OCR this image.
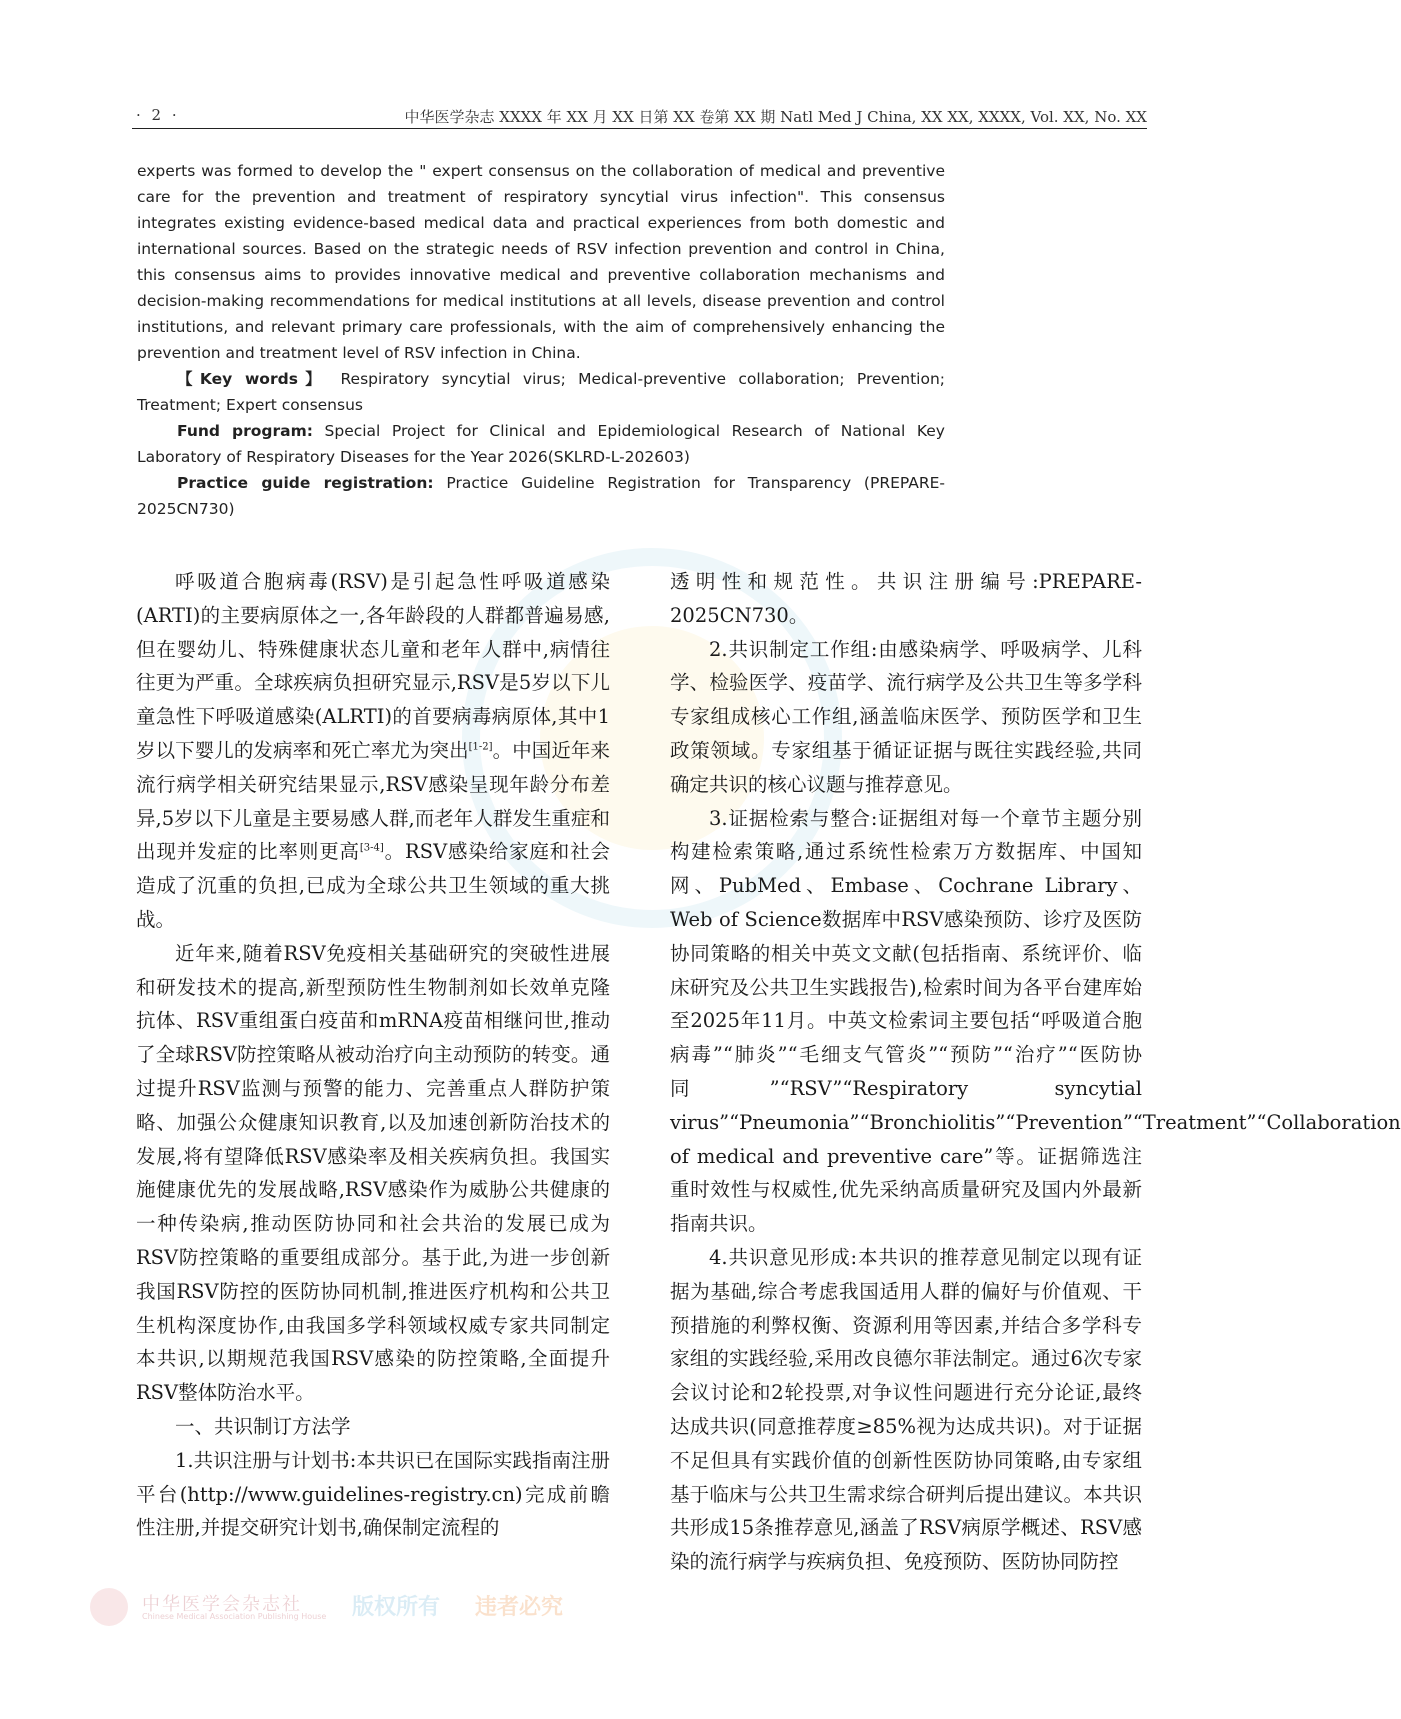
· 2 ·	中华医学杂志 XXXX 年 XX 月 XX 日第 XX 卷第 XX 期 Natl Med J China, XX XX, XXXX, Vol. XX, No. XX

experts was formed to develop the " expert consensus on the collaboration of medical and preventive care for the prevention and treatment of respiratory syncytial virus infection". This consensus integrates existing evidence-based medical data and practical experiences from both domestic and international sources. Based on the strategic needs of RSV infection prevention and control in China, this consensus aims to provides innovative medical and preventive collaboration mechanisms and decision-making recommendations for medical institutions at all levels, disease prevention and control institutions, and relevant primary care professionals, with the aim of comprehensively enhancing the prevention and treatment level of RSV infection in China.

【Key words】 Respiratory syncytial virus; Medical-preventive collaboration; Prevention; Treatment; Expert consensus

Fund program: Special Project for Clinical and Epidemiological Research of National Key Laboratory of Respiratory Diseases for the Year 2026(SKLRD-L-202603)

Practice guide registration: Practice Guideline Registration for Transparency (PREPARE-2025CN730)

呼吸道合胞病毒(RSV)是引起急性呼吸道感染(ARTI)的主要病原体之一,各年龄段的人群都普遍易感,但在婴幼儿、特殊健康状态儿童和老年人群中,病情往往更为严重。全球疾病负担研究显示,RSV是5岁以下儿童急性下呼吸道感染(ALRTI)的首要病毒病原体,其中1岁以下婴儿的发病率和死亡率尤为突出[1-2]。中国近年来流行病学相关研究结果显示,RSV感染呈现年龄分布差异,5岁以下儿童是主要易感人群,而老年人群发生重症和出现并发症的比率则更高[3-4]。RSV感染给家庭和社会造成了沉重的负担,已成为全球公共卫生领域的重大挑战。

近年来,随着RSV免疫相关基础研究的突破性进展和研发技术的提高,新型预防性生物制剂如长效单克隆抗体、RSV重组蛋白疫苗和mRNA疫苗相继问世,推动了全球RSV防控策略从被动治疗向主动预防的转变。通过提升RSV监测与预警的能力、完善重点人群防护策略、加强公众健康知识教育,以及加速创新防治技术的发展,将有望降低RSV感染率及相关疾病负担。我国实施健康优先的发展战略,RSV感染作为威胁公共健康的一种传染病,推动医防协同和社会共治的发展已成为RSV防控策略的重要组成部分。基于此,为进一步创新我国RSV防控的医防协同机制,推进医疗机构和公共卫生机构深度协作,由我国多学科领域权威专家共同制定本共识,以期规范我国RSV感染的防控策略,全面提升RSV整体防治水平。

一、共识制订方法学

1.共识注册与计划书:本共识已在国际实践指南注册平台(http://www.guidelines-registry.cn)完成前瞻性注册,并提交研究计划书,确保制定流程的

透明性和规范性。共识注册编号:PREPARE-2025CN730。

2.共识制定工作组:由感染病学、呼吸病学、儿科学、检验医学、疫苗学、流行病学及公共卫生等多学科专家组成核心工作组,涵盖临床医学、预防医学和卫生政策领域。专家组基于循证证据与既往实践经验,共同确定共识的核心议题与推荐意见。

3.证据检索与整合:证据组对每一个章节主题分别构建检索策略,通过系统性检索万方数据库、中国知网、PubMed、Embase、Cochrane Library、Web of Science数据库中RSV感染预防、诊疗及医防协同策略的相关中英文文献(包括指南、系统评价、临床研究及公共卫生实践报告),检索时间为各平台建库始至2025年11月。中英文检索词主要包括“呼吸道合胞病毒”“肺炎”“毛细支气管炎”“预防”“治疗”“医防协同”“RSV”“Respiratory syncytial virus”“Pneumonia”“Bronchiolitis”“Prevention”“Treatment”“Collaboration of medical and preventive care”等。证据筛选注重时效性与权威性,优先采纳高质量研究及国内外最新指南共识。

4.共识意见形成:本共识的推荐意见制定以现有证据为基础,综合考虑我国适用人群的偏好与价值观、干预措施的利弊权衡、资源利用等因素,并结合多学科专家组的实践经验,采用改良德尔菲法制定。通过6次专家会议讨论和2轮投票,对争议性问题进行充分论证,最终达成共识(同意推荐度≥85%视为达成共识)。对于证据不足但具有实践价值的创新性医防协同策略,由专家组基于临床与公共卫生需求综合研判后提出建议。本共识共形成15条推荐意见,涵盖了RSV病原学概述、RSV感染的流行病学与疾病负担、免疫预防、医防协同防控

中华医学会杂志社
Chinese Medical Association Publishing House 版权所有 违者必究
